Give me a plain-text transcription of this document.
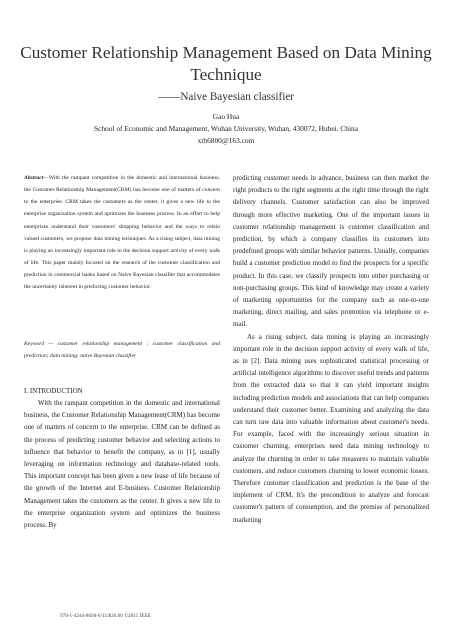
Customer Relationship Management Based on Data Mining Technique
——Naive Bayesian classifier
Gao Hua
School of Economic and Management, Wuhan University, Wuhan, 430072, Hubei. China
xth6800@163.com
Abstract—With the rampant competition in the domestic and international business, the Customer Relationship Management(CRM) has become one of matters of concern to the enterprise. CRM takes the customers as the center, it gives a new life to the enterprise organization system and optimizes the business process. In an effort to help enterprises understand their customers' shopping behavior and the ways to retain valued customers, we propose data mining techniques. As a rising subject, data mining is playing an increasingly important role in the decision support activity of every walk of life. This paper mainly focused on the research of the customer classification and prediction in commercial banks based on Naive Bayesian classifier that accommodates the uncertainty inherent in predicting customer behavior.
Keyword — customer relationship management ; customer classification and prediction; data mining; naive Bayesian classifier
I. INTRODUCTION
With the rampant competition in the domestic and international business, the Customer Relationship Management(CRM) has become one of matters of concern to the enterprise. CRM can be defined as the process of predicting customer behavior and selecting actions to influence that behavior to benefit the company, as in [1], usually leveraging on information technology and database-related tools. This important concept has been given a new lease of life because of the growth of the Internet and E-business. Customer Relationship Management takes the customers as the center. It gives a new life to the enterprise organization system and optimizes the business process. By

predicting customer needs in advance, business can then market the right products to the right segments at the right time through the right delivery channels. Customer satisfaction can also be improved through more effective marketing. One of the important issues in customer relationship management is customer classification and prediction, by which a company classifies its customers into predefined groups with similar behavior patterns. Usually, companies build a customer prediction model to find the prospects for a specific product. In this case, we classify prospects into either purchasing or non-purchasing groups. This kind of knowledge may create a variety of marketing opportunities for the company such as one-to-one marketing, direct mailing, and sales promotion via telephone or e-mail.

As a rising subject, data mining is playing an increasingly important role in the decision support activity of every walk of life, as in [2]. Data mining uses sophisticated statistical processing or artificial intelligence algorithms to discover useful trends and patterns from the extracted data so that it can yield important insights including prediction models and associations that can help companies understand their customer better. Examining and analyzing the data can turn raw data into valuable information about customer's needs. For example, faced with the increasingly serious situation in customer churning, enterprises need data mining technology to analyze the churning in order to take measures to maintain valuable customers, and reduce customers churning to lower economic losses. Therefore customer classification and prediction is the base of the implement of CRM. It's the precondition to analyze and forecast customer's pattern of consumption, and the premise of personalized marketing
978-1-4244-8694-6/11/$26.00 ©2011 IEEE
